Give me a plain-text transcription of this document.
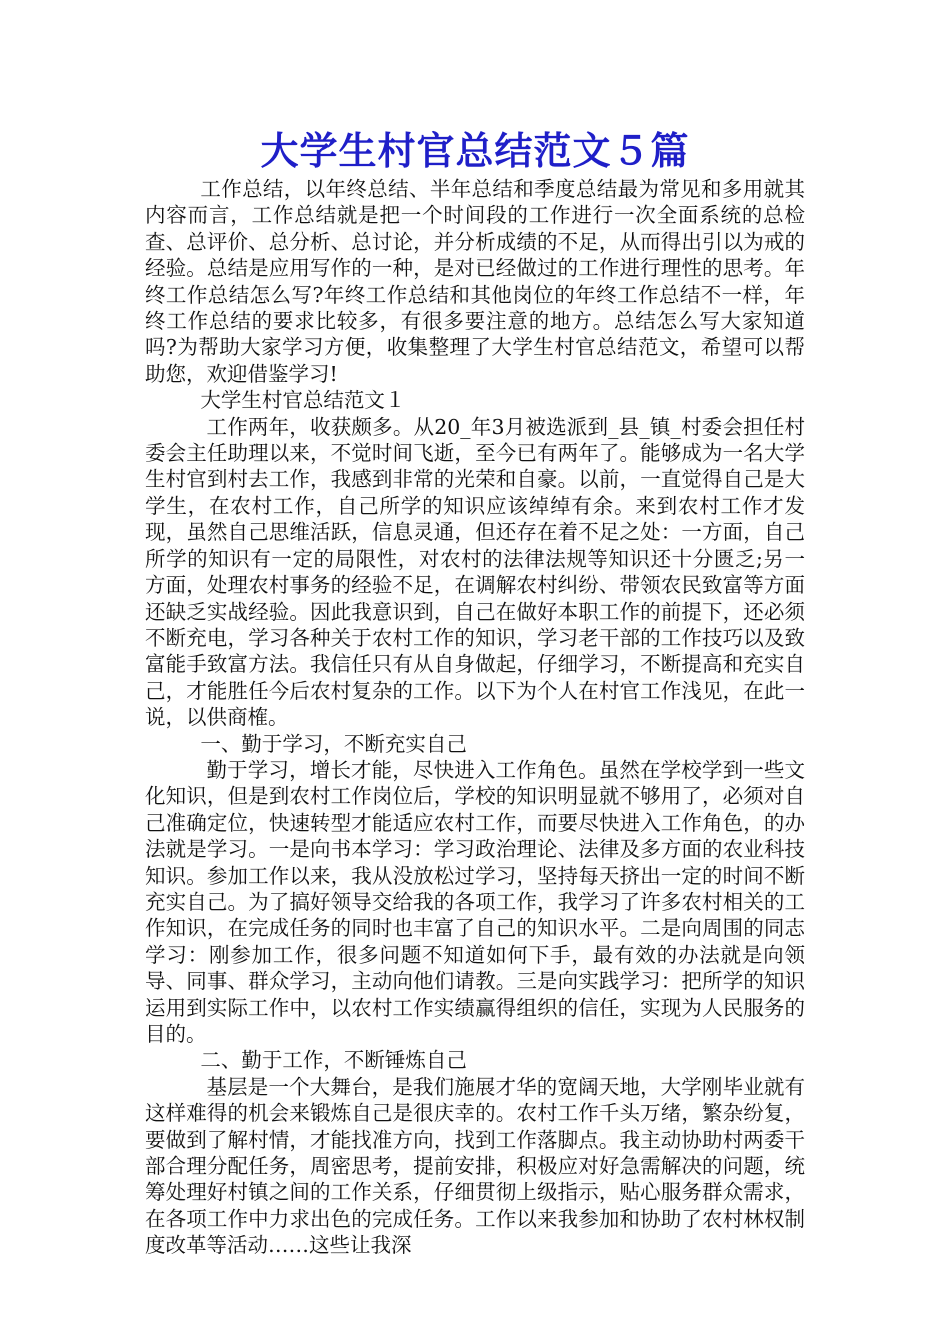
大学生村官总结范文５篇

工作总结，以年终总结、半年总结和季度总结最为常见和多用就其内容而言，工作总结就是把一个时间段的工作进行一次全面系统的总检查、总评价、总分析、总讨论，并分析成绩的不足，从而得出引以为戒的经验。总结是应用写作的一种，是对已经做过的工作进行理性的思考。年终工作总结怎么写?年终工作总结和其他岗位的年终工作总结不一样，年终工作总结的要求比较多，有很多要注意的地方。总结怎么写大家知道吗?为帮助大家学习方便，收集整理了大学生村官总结范文，希望可以帮助您，欢迎借鉴学习!

大学生村官总结范文１

工作两年，收获颇多。从20_年3月被选派到_县_镇_村委会担任村委会主任助理以来，不觉时间飞逝，至今已有两年了。能够成为一名大学生村官到村去工作，我感到非常的光荣和自豪。以前，一直觉得自己是大学生，在农村工作，自己所学的知识应该绰绰有余。来到农村工作才发现，虽然自己思维活跃，信息灵通，但还存在着不足之处：一方面，自己所学的知识有一定的局限性，对农村的法律法规等知识还十分匮乏;另一方面，处理农村事务的经验不足，在调解农村纠纷、带领农民致富等方面还缺乏实战经验。因此我意识到，自己在做好本职工作的前提下，还必须不断充电，学习各种关于农村工作的知识，学习老干部的工作技巧以及致富能手致富方法。我信任只有从自身做起，仔细学习，不断提高和充实自己，才能胜任今后农村复杂的工作。以下为个人在村官工作浅见，在此一说，以供商榷。

一、勤于学习，不断充实自己

勤于学习，增长才能，尽快进入工作角色。虽然在学校学到一些文化知识，但是到农村工作岗位后，学校的知识明显就不够用了，必须对自己准确定位，快速转型才能适应农村工作，而要尽快进入工作角色，的办法就是学习。一是向书本学习：学习政治理论、法律及多方面的农业科技知识。参加工作以来，我从没放松过学习，坚持每天挤出一定的时间不断充实自己。为了搞好领导交给我的各项工作，我学习了许多农村相关的工作知识，在完成任务的同时也丰富了自己的知识水平。二是向周围的同志学习：刚参加工作，很多问题不知道如何下手，最有效的办法就是向领导、同事、群众学习，主动向他们请教。三是向实践学习：把所学的知识运用到实际工作中，以农村工作实绩赢得组织的信任，实现为人民服务的目的。

二、勤于工作，不断锤炼自己

基层是一个大舞台，是我们施展才华的宽阔天地，大学刚毕业就有这样难得的机会来锻炼自己是很庆幸的。农村工作千头万绪，繁杂纷复，要做到了解村情，才能找准方向，找到工作落脚点。我主动协助村两委干部合理分配任务，周密思考，提前安排，积极应对好急需解决的问题，统筹处理好村镇之间的工作关系，仔细贯彻上级指示，贴心服务群众需求，在各项工作中力求出色的完成任务。工作以来我参加和协助了农村林权制度改革等活动……这些让我深
